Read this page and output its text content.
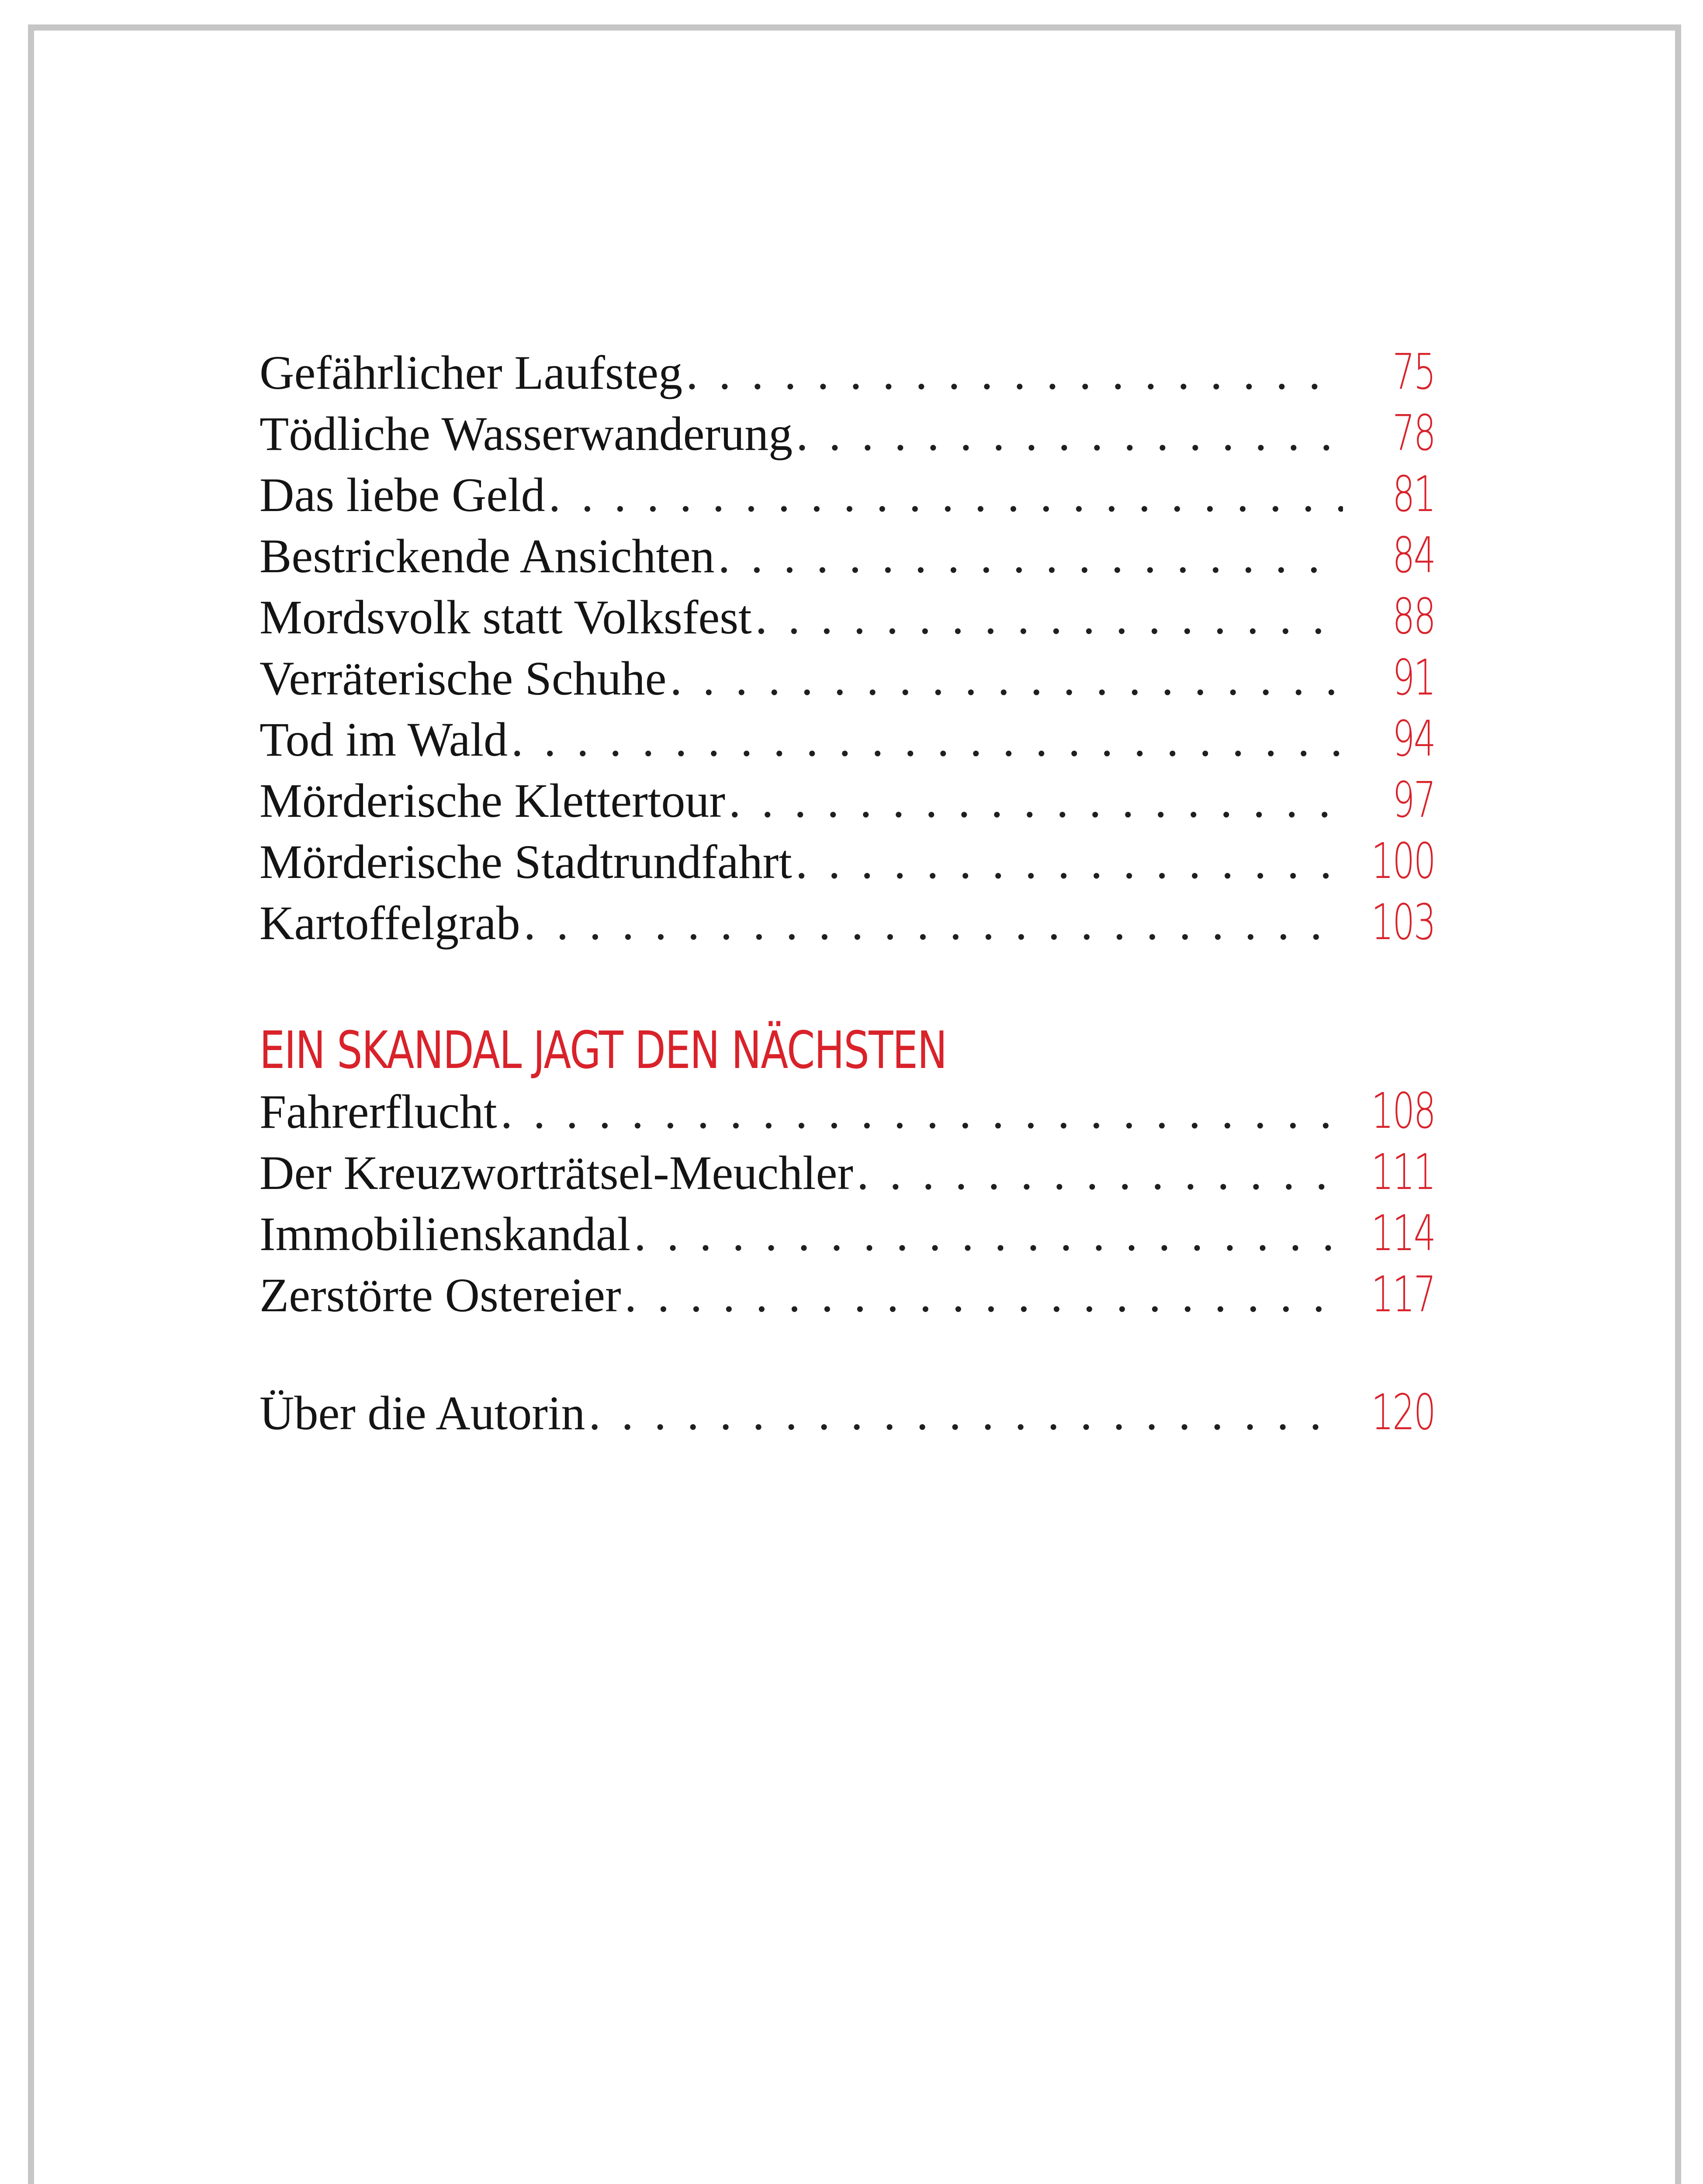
Gefährlicher Laufsteg . . .	75
Tödliche Wasserwanderung . . .	78
Das liebe Geld . . .	81
Bestrickende Ansichten . . .	84
Mordsvolk statt Volksfest . . .	88
Verräterische Schuhe . . .	91
Tod im Wald . . .	94
Mörderische Klettertour . . .	97
Mörderische Stadtrundfahrt . . .	100
Kartoffelgrab . . .	103
EIN SKANDAL JAGT DEN NÄCHSTEN
Fahrerflucht . . .	108
Der Kreuzworträtsel-Meuchler . . .	111
Immobilienskandal . . .	114
Zerstörte Ostereier . . .	117
Über die Autorin . . .	120
